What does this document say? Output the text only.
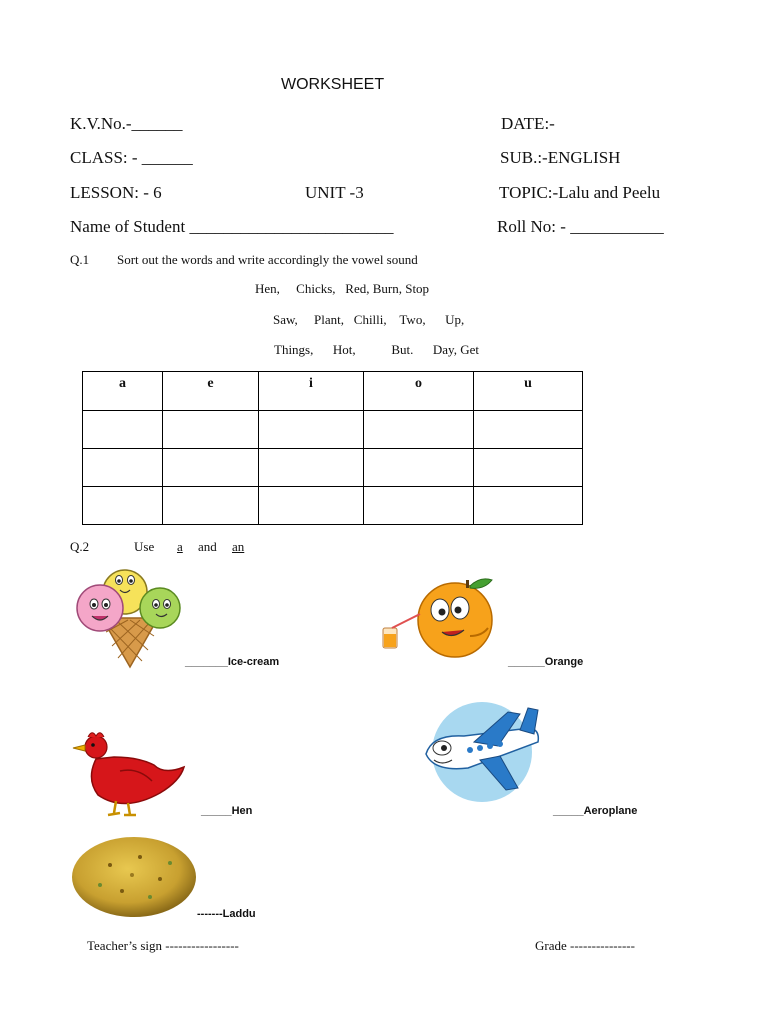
WORKSHEET
K.V.No.-______	DATE:-
CLASS: - ______	SUB.:-ENGLISH
LESSON: - 6	UNIT -3	TOPIC:-Lalu and Peelu
Name of Student ________________________	Roll No: - ___________
Q.1 Sort out the words and write accordingly the vowel sound
Hen,     Chicks,   Red, Burn, Stop
Saw,     Plant,   Chilli,    Two,      Up,
Things,      Hot,           But.      Day, Get
a	e	i	o	u

Q.2	Use a and an
_______Ice-cream	______Orange
_____Hen	_____Aeroplane
-------Laddu
Teacher’s sign -----------------	Grade ---------------
